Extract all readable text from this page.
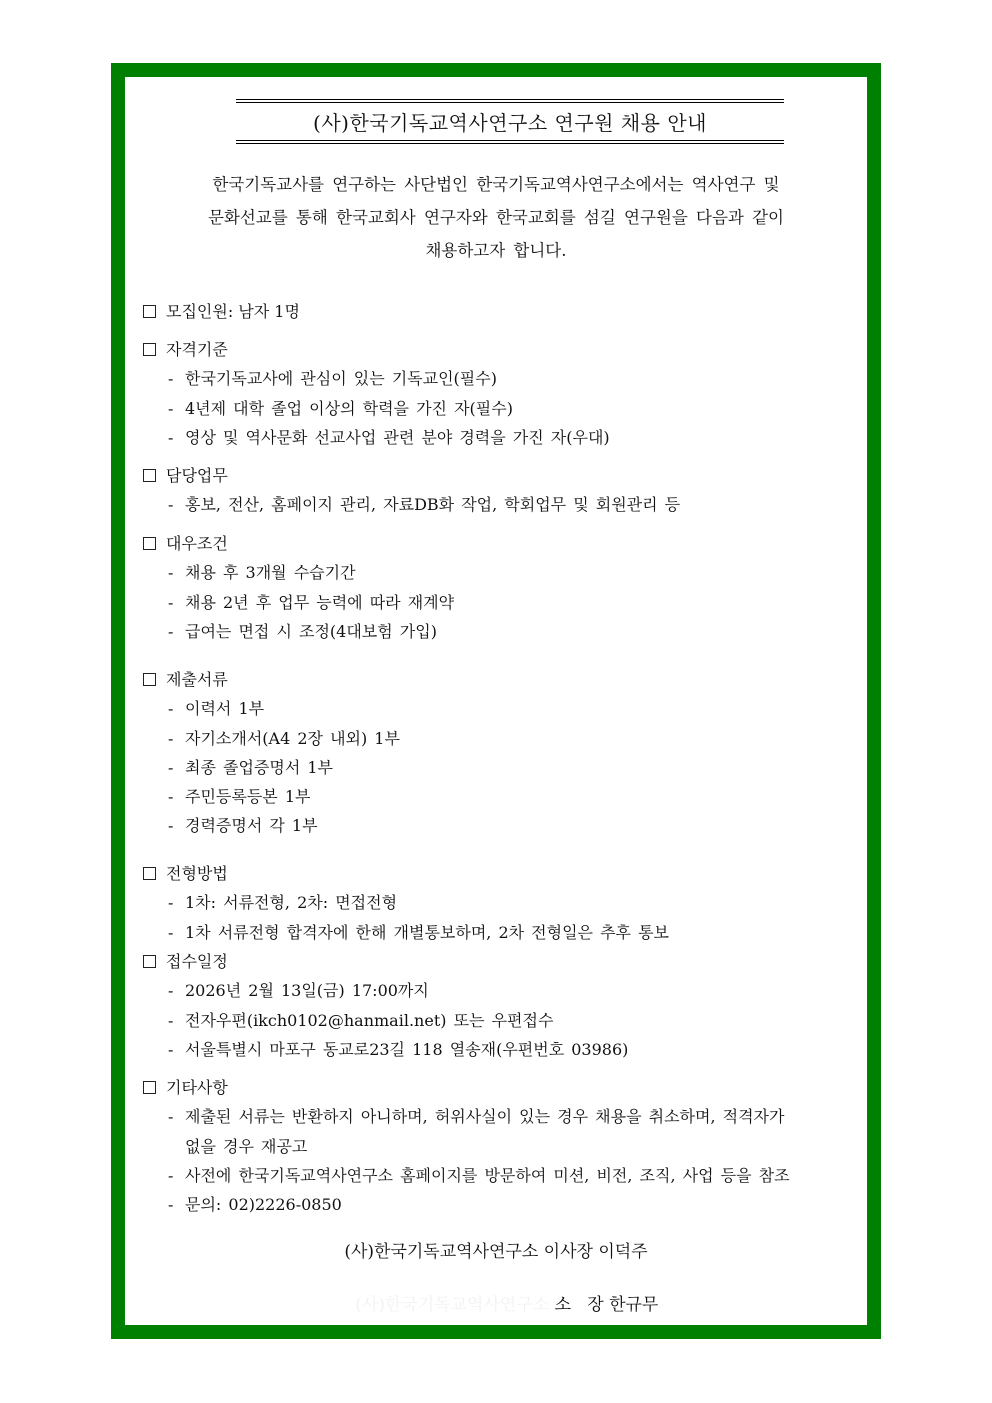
(사)한국기독교역사연구소 연구원 채용 안내
한국기독교사를 연구하는 사단법인 한국기독교역사연구소에서는 역사연구 및
문화선교를 통해 한국교회사 연구자와 한국교회를 섬길 연구원을 다음과 같이
채용하고자 합니다.
모집인원: 남자 1명
자격기준
- 한국기독교사에 관심이 있는 기독교인(필수)
- 4년제 대학 졸업 이상의 학력을 가진 자(필수)
- 영상 및 역사문화 선교사업 관련 분야 경력을 가진 자(우대)
담당업무
- 홍보, 전산, 홈페이지 관리, 자료DB화 작업, 학회업무 및 회원관리 등
대우조건
- 채용 후 3개월 수습기간
- 채용 2년 후 업무 능력에 따라 재계약
- 급여는 면접 시 조정(4대보험 가입)
제출서류
- 이력서 1부
- 자기소개서(A4 2장 내외) 1부
- 최종 졸업증명서 1부
- 주민등록등본 1부
- 경력증명서 각 1부
전형방법
- 1차: 서류전형, 2차: 면접전형
- 1차 서류전형 합격자에 한해 개별통보하며, 2차 전형일은 추후 통보
접수일정
- 2026년 2월 13일(금) 17:00까지
- 전자우편(ikch0102@hanmail.net) 또는 우편접수
- 서울특별시 마포구 동교로23길 118 열송재(우편번호 03986)
기타사항
- 제출된 서류는 반환하지 아니하며, 허위사실이 있는 경우 채용을 취소하며, 적격자가
없을 경우 재공고
- 사전에 한국기독교역사연구소 홈페이지를 방문하여 미션, 비전, 조직, 사업 등을 참조
- 문의: 02)2226-0850
(사)한국기독교역사연구소 이사장 이덕주

(사)한국기독교역사연구소 소   장 한규무
